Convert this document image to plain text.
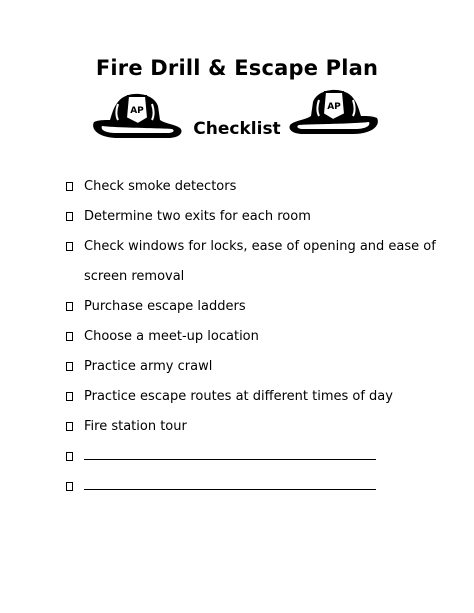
Fire Drill & Escape Plan
AP	AP
Checklist
Check smoke detectors
Determine two exits for each room
Check windows for locks, ease of opening and ease of screen removal
Purchase escape ladders
Choose a meet-up location
Practice army crawl
Practice escape routes at different times of day
Fire station tour
